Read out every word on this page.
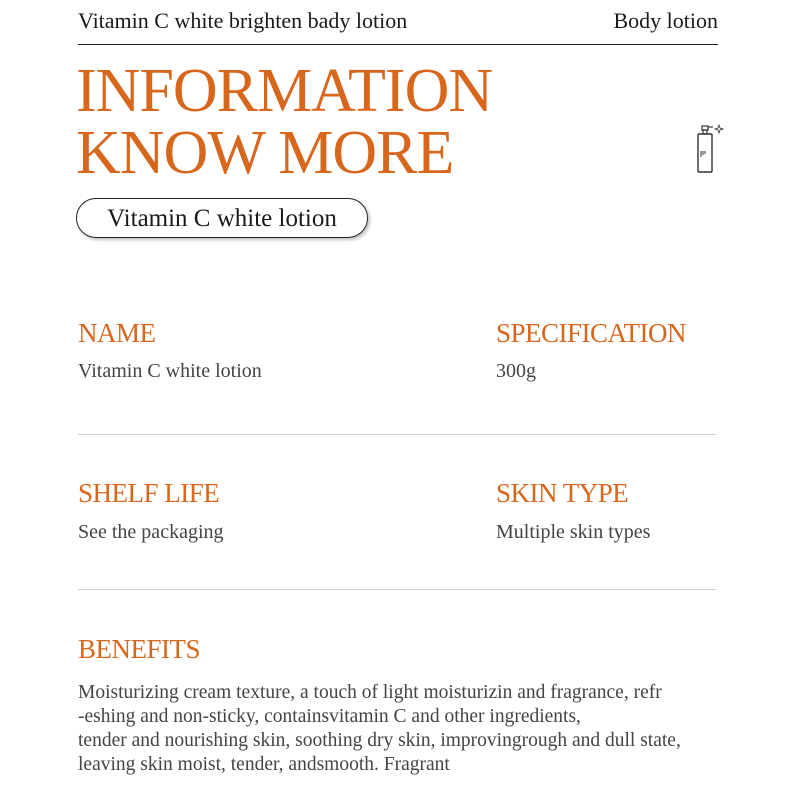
Vitamin C white brighten bady lotion	Body lotion
INFORMATION
KNOW MORE
Vitamin C white lotion
NAME
Vitamin C white lotion
SPECIFICATION
300g
SHELF LIFE
See the packaging
SKIN TYPE
Multiple skin types
BENEFITS
Moisturizing cream texture, a touch of light moisturizin and fragrance, refr
-eshing and non-sticky, containsvitamin C and other ingredients,
tender and nourishing skin, soothing dry skin, improvingrough and dull state,
leaving skin moist, tender, andsmooth. Fragrant
